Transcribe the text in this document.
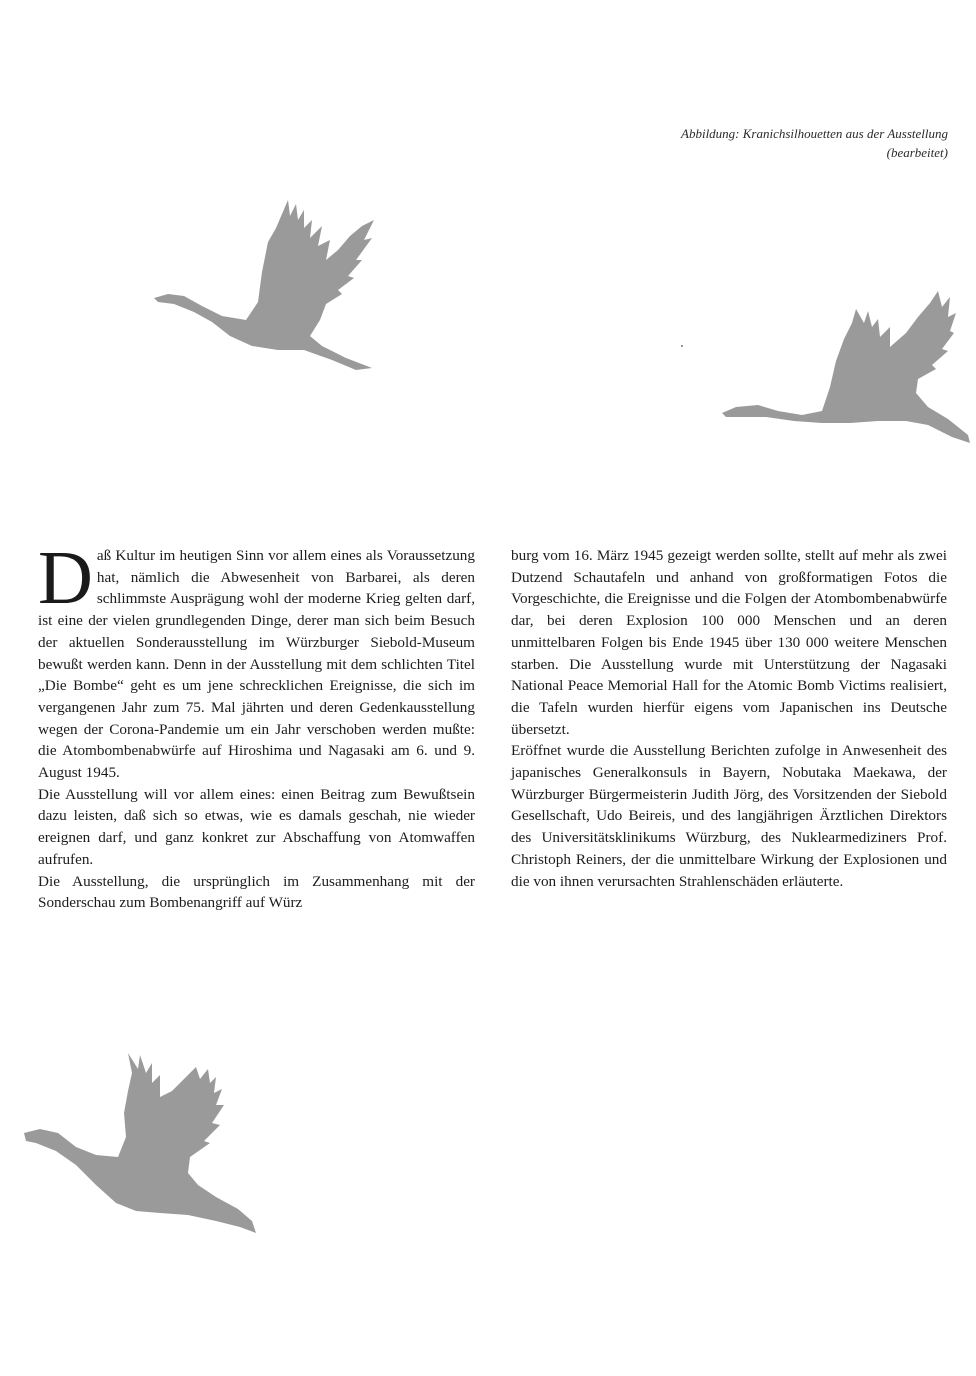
Abbildung: Kranichsilhouetten aus der Ausstellung
(bearbeitet)

Daß Kultur im heutigen Sinn vor allem eines als Voraussetzung hat, nämlich die Abwesenheit von Barbarei, als deren schlimmste Ausprägung wohl der moderne Krieg gelten darf, ist eine der vielen grundlegenden Dinge, derer man sich beim Besuch der aktuellen Sonderausstellung im Würzburger Siebold-Museum bewußt werden kann. Denn in der Ausstellung mit dem schlichten Titel „Die Bombe“ geht es um jene schrecklichen Ereignisse, die sich im vergangenen Jahr zum 75. Mal jährten und deren Gedenkausstellung wegen der Corona-Pandemie um ein Jahr verschoben werden mußte: die Atombombenabwürfe auf Hiroshima und Nagasaki am 6. und 9. August 1945.

Die Ausstellung will vor allem eines: einen Beitrag zum Bewußtsein dazu leisten, daß sich so etwas, wie es damals geschah, nie wieder ereignen darf, und ganz konkret zur Abschaffung von Atomwaffen aufrufen.

Die Ausstellung, die ursprünglich im Zusammenhang mit der Sonderschau zum Bombenangriff auf Würz

burg vom 16. März 1945 gezeigt werden sollte, stellt auf mehr als zwei Dutzend Schautafeln und anhand von großformatigen Fotos die Vorgeschichte, die Ereignisse und die Folgen der Atombombenabwürfe dar, bei deren Explosion 100 000 Menschen und an deren unmittelbaren Folgen bis Ende 1945 über 130 000 weitere Menschen starben. Die Ausstellung wurde mit Unterstützung der Nagasaki National Peace Memorial Hall for the Atomic Bomb Victims realisiert, die Tafeln wurden hierfür eigens vom Japanischen ins Deutsche übersetzt.

Eröffnet wurde die Ausstellung Berichten zufolge in Anwesenheit des japanisches Generalkonsuls in Bayern, Nobutaka Maekawa, der Würzburger Bürgermeisterin Judith Jörg, des Vorsitzenden der Siebold Gesellschaft, Udo Beireis, und des langjährigen Ärztlichen Direktors des Universitätsklinikums Würzburg, des Nuklearmediziners Prof. Christoph Reiners, der die unmittelbare Wirkung der Explosionen und die von ihnen verursachten Strahlenschäden erläuterte.
